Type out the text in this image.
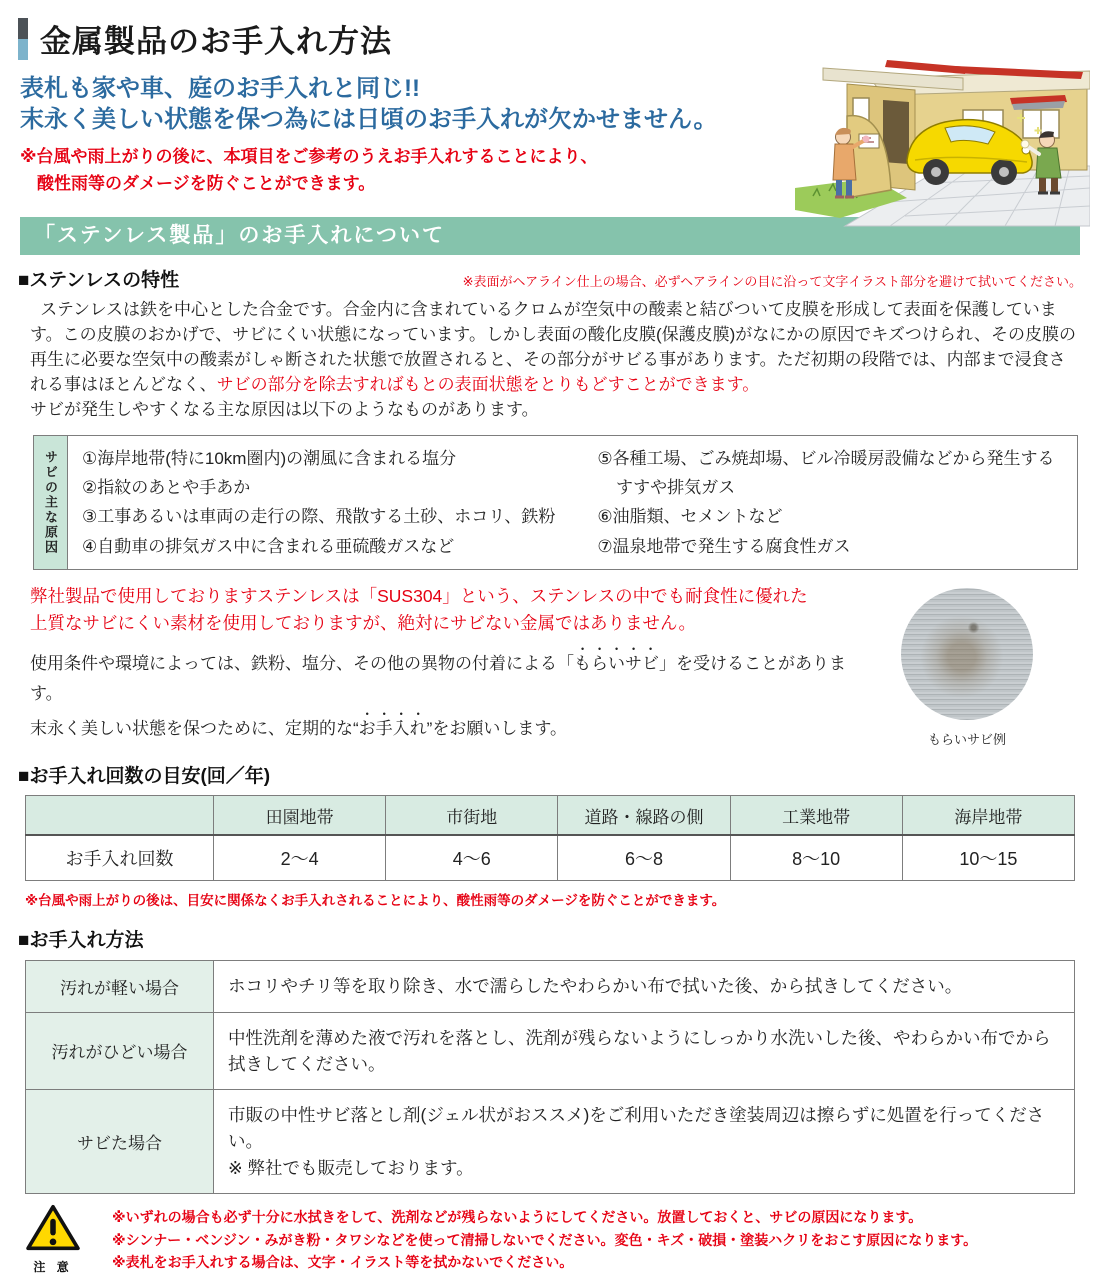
金属製品のお手入れ方法
表札も家や車、庭のお手入れと同じ!!
末永く美しい状態を保つ為には日頃のお手入れが欠かせません。
※台風や雨上がりの後に、本項目をご参考のうえお手入れすることにより、
酸性雨等のダメージを防ぐことができます。
「ステンレス製品」のお手入れについて
■ステンレスの特性	※表面がヘアライン仕上の場合、必ずヘアラインの目に沿って文字イラスト部分を避けて拭いてください。
ステンレスは鉄を中心とした合金です。合金内に含まれているクロムが空気中の酸素と結びついて皮膜を形成して表面を保護しています。この皮膜のおかげで、サビにくい状態になっています。しかし表面の酸化皮膜(保護皮膜)がなにかの原因でキズつけられ、その皮膜の再生に必要な空気中の酸素がしゃ断された状態で放置されると、その部分がサビる事があります。ただ初期の段階では、内部まで浸食される事はほとんどなく、サビの部分を除去すればもとの表面状態をとりもどすことができます。
サビが発生しやすくなる主な原因は以下のようなものがあります。
サビの主な原因	①海岸地帯(特に10km圏内)の潮風に含まれる塩分
②指紋のあとや手あか
③工事あるいは車両の走行の際、飛散する土砂、ホコリ、鉄粉
④自動車の排気ガス中に含まれる亜硫酸ガスなど
⑤各種工場、ごみ焼却場、ビル冷暖房設備などから発生する
すすや排気ガス
⑥油脂類、セメントなど
⑦温泉地帯で発生する腐食性ガス
弊社製品で使用しておりますステンレスは「SUS304」という、ステンレスの中でも耐食性に優れた
上質なサビにくい素材を使用しておりますが、絶対にサビない金属ではありません。
使用条件や環境によっては、鉄粉、塩分、その他の異物の付着による「もらいサビ」を受けることがあります。
末永く美しい状態を保つために、定期的な“お手入れ”をお願いします。
もらいサビ例
■お手入れ回数の目安(回／年)
	田園地帯	市街地	道路・線路の側	工業地帯	海岸地帯
お手入れ回数	2〜4	4〜6	6〜8	8〜10	10〜15
※台風や雨上がりの後は、目安に関係なくお手入れされることにより、酸性雨等のダメージを防ぐことができます。
■お手入れ方法
汚れが軽い場合	ホコリやチリ等を取り除き、水で濡らしたやわらかい布で拭いた後、から拭きしてください。
汚れがひどい場合	中性洗剤を薄めた液で汚れを落とし、洗剤が残らないようにしっかり水洗いした後、やわらかい布でから拭きしてください。
サビた場合	市販の中性サビ落とし剤(ジェル状がおススメ)をご利用いただき塗装周辺は擦らずに処置を行ってください。
※ 弊社でも販売しております。
注 意
※いずれの場合も必ず十分に水拭きをして、洗剤などが残らないようにしてください。放置しておくと、サビの原因になります。
※シンナー・ベンジン・みがき粉・タワシなどを使って清掃しないでください。変色・キズ・破損・塗装ハクリをおこす原因になります。
※表札をお手入れする場合は、文字・イラスト等を拭かないでください。
